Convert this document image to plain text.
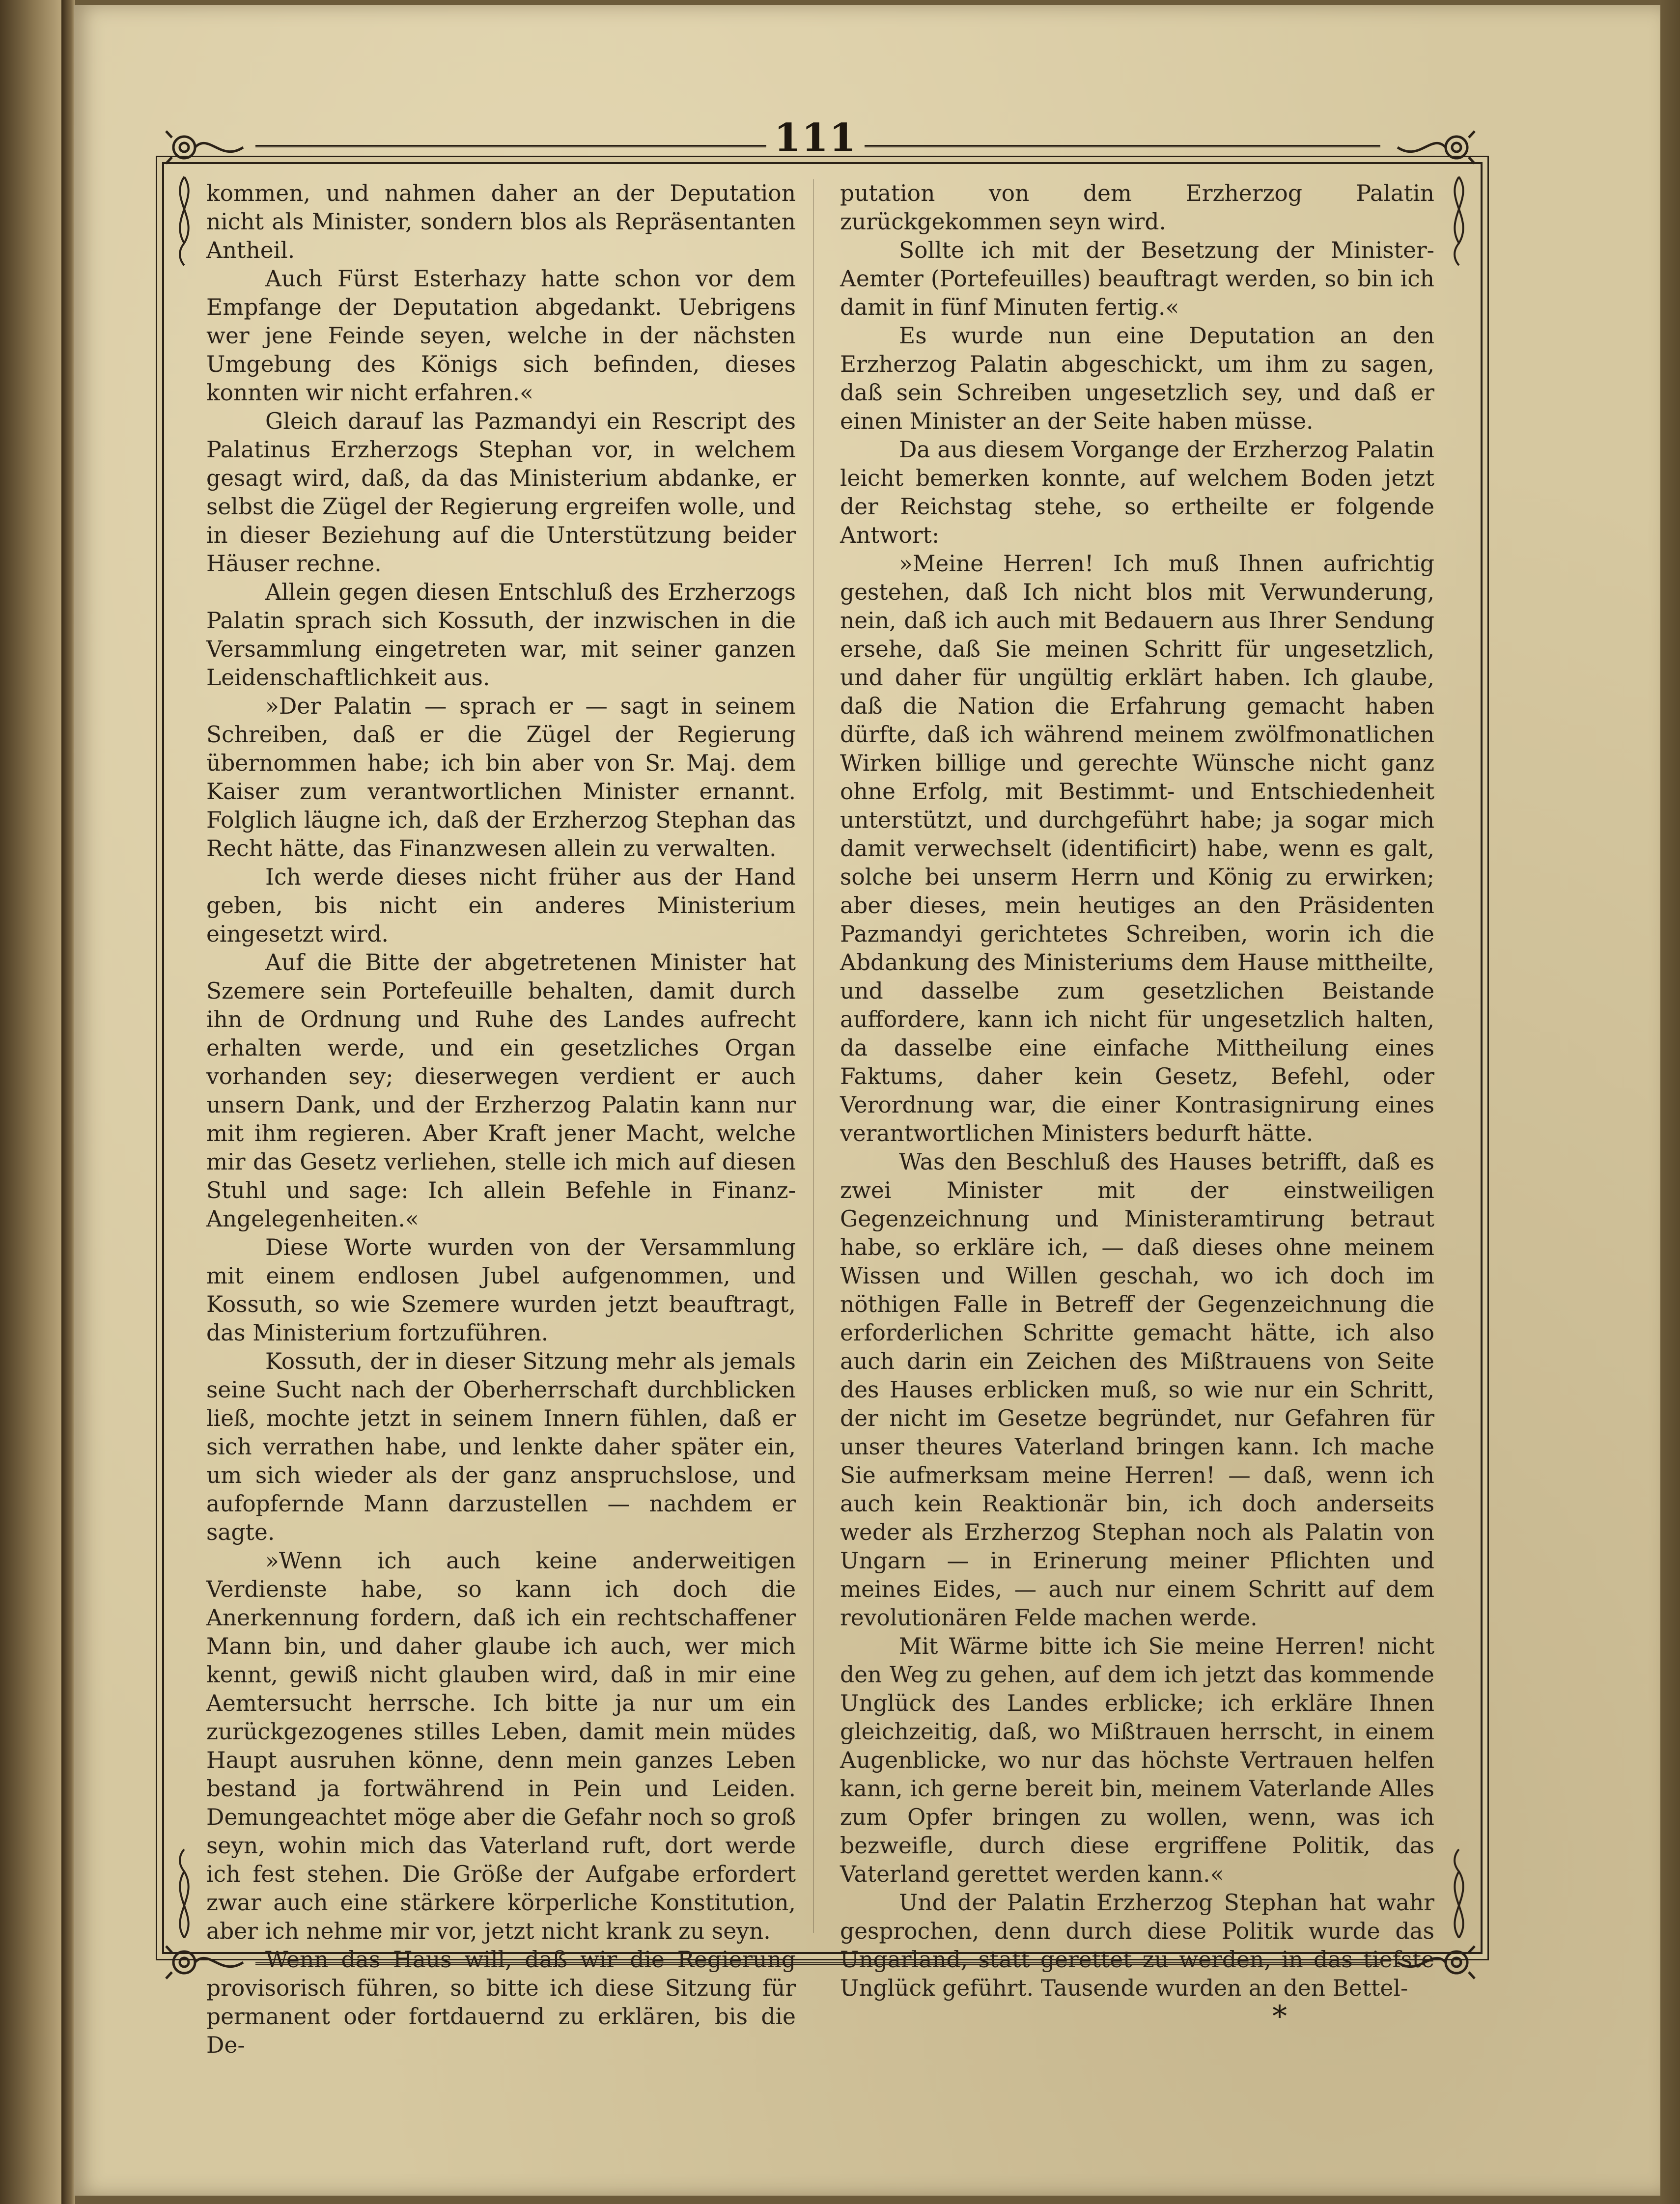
111

kommen, und nahmen daher an der Deputation nicht als Minister, sondern blos als Repräsentanten Antheil.

Auch Fürst Esterhazy hatte schon vor dem Empfange der Deputation abgedankt. Uebrigens wer jene Feinde seyen, welche in der nächsten Umgebung des Königs sich befinden, dieses konnten wir nicht erfahren.«

Gleich darauf las Pazmandyi ein Rescript des Palatinus Erzherzogs Stephan vor, in welchem gesagt wird, daß, da das Ministerium abdanke, er selbst die Zügel der Regierung ergreifen wolle, und in dieser Beziehung auf die Unterstützung beider Häuser rechne.

Allein gegen diesen Entschluß des Erzherzogs Palatin sprach sich Kossuth, der inzwischen in die Versammlung eingetreten war, mit seiner ganzen Leidenschaftlichkeit aus.

»Der Palatin — sprach er — sagt in seinem Schreiben, daß er die Zügel der Regierung übernommen habe; ich bin aber von Sr. Maj. dem Kaiser zum verantwortlichen Minister ernannt. Folglich läugne ich, daß der Erzherzog Stephan das Recht hätte, das Finanzwesen allein zu verwalten.

Ich werde dieses nicht früher aus der Hand geben, bis nicht ein anderes Ministerium eingesetzt wird.

Auf die Bitte der abgetretenen Minister hat Szemere sein Portefeuille behalten, damit durch ihn de Ordnung und Ruhe des Landes aufrecht erhalten werde, und ein gesetzliches Organ vorhanden sey; dieserwegen verdient er auch unsern Dank, und der Erzherzog Palatin kann nur mit ihm regieren. Aber Kraft jener Macht, welche mir das Gesetz verliehen, stelle ich mich auf diesen Stuhl und sage: Ich allein Befehle in Finanz-Angelegenheiten.«

Diese Worte wurden von der Versammlung mit einem endlosen Jubel aufgenommen, und Kossuth, so wie Szemere wurden jetzt beauftragt, das Ministerium fortzuführen.

Kossuth, der in dieser Sitzung mehr als jemals seine Sucht nach der Oberherrschaft durchblicken ließ, mochte jetzt in seinem Innern fühlen, daß er sich verrathen habe, und lenkte daher später ein, um sich wieder als der ganz anspruchslose, und aufopfernde Mann darzustellen — nachdem er sagte.

»Wenn ich auch keine anderweitigen Verdienste habe, so kann ich doch die Anerkennung fordern, daß ich ein rechtschaffener Mann bin, und daher glaube ich auch, wer mich kennt, gewiß nicht glauben wird, daß in mir eine Aemtersucht herrsche. Ich bitte ja nur um ein zurückgezogenes stilles Leben, damit mein müdes Haupt ausruhen könne, denn mein ganzes Leben bestand ja fortwährend in Pein und Leiden. Demungeachtet möge aber die Gefahr noch so groß seyn, wohin mich das Vaterland ruft, dort werde ich fest stehen. Die Größe der Aufgabe erfordert zwar auch eine stärkere körperliche Konstitution, aber ich nehme mir vor, jetzt nicht krank zu seyn.

Wenn das Haus will, daß wir die Regierung provisorisch führen, so bitte ich diese Sitzung für permanent oder fortdauernd zu erklären, bis die De-

putation von dem Erzherzog Palatin zurückgekommen seyn wird.

Sollte ich mit der Besetzung der Minister-Aemter (Portefeuilles) beauftragt werden, so bin ich damit in fünf Minuten fertig.«

Es wurde nun eine Deputation an den Erzherzog Palatin abgeschickt, um ihm zu sagen, daß sein Schreiben ungesetzlich sey, und daß er einen Minister an der Seite haben müsse.

Da aus diesem Vorgange der Erzherzog Palatin leicht bemerken konnte, auf welchem Boden jetzt der Reichstag stehe, so ertheilte er folgende Antwort:

»Meine Herren! Ich muß Ihnen aufrichtig gestehen, daß Ich nicht blos mit Verwunderung, nein, daß ich auch mit Bedauern aus Ihrer Sendung ersehe, daß Sie meinen Schritt für ungesetzlich, und daher für ungültig erklärt haben. Ich glaube, daß die Nation die Erfahrung gemacht haben dürfte, daß ich während meinem zwölfmonatlichen Wirken billige und gerechte Wünsche nicht ganz ohne Erfolg, mit Bestimmt- und Entschiedenheit unterstützt, und durchgeführt habe; ja sogar mich damit verwechselt (identificirt) habe, wenn es galt, solche bei unserm Herrn und König zu erwirken; aber dieses, mein heutiges an den Präsidenten Pazmandyi gerichtetes Schreiben, worin ich die Abdankung des Ministeriums dem Hause mittheilte, und dasselbe zum gesetzlichen Beistande auffordere, kann ich nicht für ungesetzlich halten, da dasselbe eine einfache Mittheilung eines Faktums, daher kein Gesetz, Befehl, oder Verordnung war, die einer Kontrasignirung eines verantwortlichen Ministers bedurft hätte.

Was den Beschluß des Hauses betrifft, daß es zwei Minister mit der einstweiligen Gegenzeichnung und Ministeramtirung betraut habe, so erkläre ich, — daß dieses ohne meinem Wissen und Willen geschah, wo ich doch im nöthigen Falle in Betreff der Gegenzeichnung die erforderlichen Schritte gemacht hätte, ich also auch darin ein Zeichen des Mißtrauens von Seite des Hauses erblicken muß, so wie nur ein Schritt, der nicht im Gesetze begründet, nur Gefahren für unser theures Vaterland bringen kann. Ich mache Sie aufmerksam meine Herren! — daß, wenn ich auch kein Reaktionär bin, ich doch anderseits weder als Erzherzog Stephan noch als Palatin von Ungarn — in Erinerung meiner Pflichten und meines Eides, — auch nur einem Schritt auf dem revolutionären Felde machen werde.

Mit Wärme bitte ich Sie meine Herren! nicht den Weg zu gehen, auf dem ich jetzt das kommende Unglück des Landes erblicke; ich erkläre Ihnen gleichzeitig, daß, wo Mißtrauen herrscht, in einem Augenblicke, wo nur das höchste Vertrauen helfen kann, ich gerne bereit bin, meinem Vaterlande Alles zum Opfer bringen zu wollen, wenn, was ich bezweifle, durch diese ergriffene Politik, das Vaterland gerettet werden kann.«

Und der Palatin Erzherzog Stephan hat wahr gesprochen, denn durch diese Politik wurde das Ungarland, statt gerettet zu werden, in das tiefste Unglück geführt. Tausende wurden an den Bettel-

*
